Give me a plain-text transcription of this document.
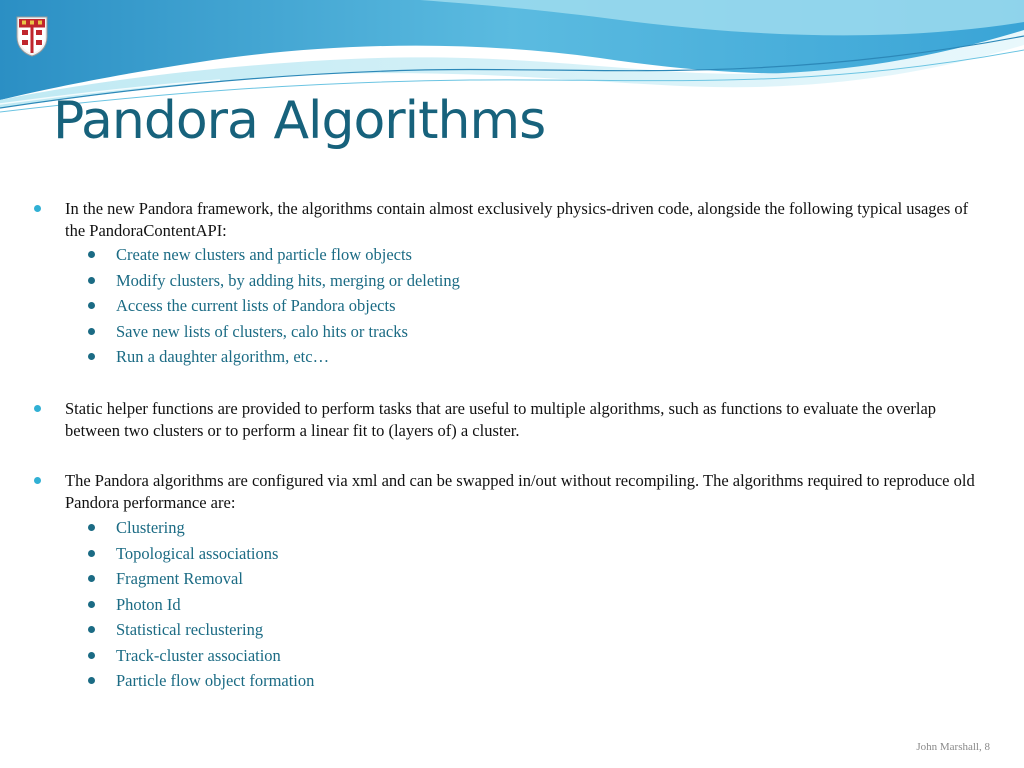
Pandora Algorithms
In the new Pandora framework, the algorithms contain almost exclusively physics-driven code, alongside the following typical usages of the PandoraContentAPI:
Create new clusters and particle flow objects
Modify clusters, by adding hits, merging or deleting
Access the current lists of Pandora objects
Save new lists of clusters, calo hits or tracks
Run a daughter algorithm, etc…
Static helper functions are provided to perform tasks that are useful to multiple algorithms, such as functions to evaluate the overlap between two clusters or to perform a linear fit to (layers of) a cluster.
The Pandora algorithms are configured via xml and can be swapped in/out without recompiling. The algorithms required to reproduce old Pandora performance are:
Clustering
Topological associations
Fragment Removal
Photon Id
Statistical reclustering
Track-cluster association
Particle flow object formation
John Marshall, 8
